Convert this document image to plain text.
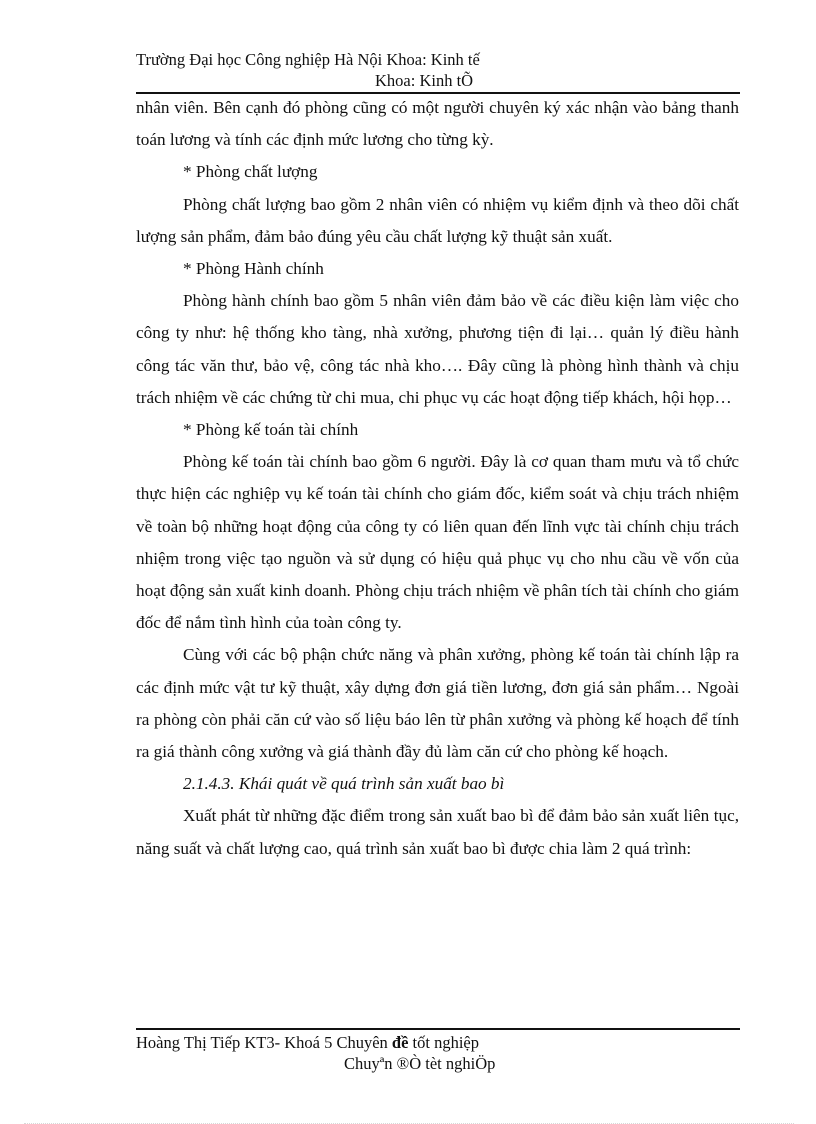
Trường Đại học Công nghiệp Hà Nội Khoa: Kinh tế
Khoa: Kinh tÕ

nhân viên. Bên cạnh đó phòng cũng có một người chuyên ký xác nhận vào bảng thanh toán lương và tính các định mức lương cho từng kỳ.

* Phòng chất lượng

Phòng chất lượng bao gồm 2 nhân viên có nhiệm vụ kiểm định và theo dõi chất lượng sản phẩm, đảm bảo đúng yêu cầu chất lượng kỹ thuật sản xuất.

* Phòng Hành chính

Phòng hành chính bao gồm 5 nhân viên đảm bảo về các điều kiện làm việc cho công ty như: hệ thống kho tàng, nhà xưởng, phương tiện đi lại… quản lý điều hành công tác văn thư, bảo vệ, công tác nhà kho…. Đây cũng là phòng hình thành và chịu trách nhiệm về các chứng từ chi mua, chi phục vụ các hoạt động tiếp khách, hội họp…

* Phòng kế toán tài chính

Phòng kế toán tài chính bao gồm 6 người. Đây là cơ quan tham mưu và tổ chức thực hiện các nghiệp vụ kế toán tài chính cho giám đốc, kiểm soát và chịu trách nhiệm về toàn bộ những hoạt động của công ty có liên quan đến lĩnh vực tài chính chịu trách nhiệm trong việc tạo nguồn và sử dụng có hiệu quả phục vụ cho nhu cầu về vốn của hoạt động sản xuất kinh doanh. Phòng chịu trách nhiệm về phân tích tài chính cho giám đốc để nắm tình hình của toàn công ty.

Cùng với các bộ phận chức năng và phân xưởng, phòng kế toán tài chính lập ra các định mức vật tư kỹ thuật, xây dựng đơn giá tiền lương, đơn giá sản phẩm… Ngoài ra phòng còn phải căn cứ vào số liệu báo lên từ phân xưởng và phòng kế hoạch để tính ra giá thành công xưởng và giá thành đầy đủ làm căn cứ cho phòng kế hoạch.

2.1.4.3. Khái quát về quá trình sản xuất bao bì

Xuất phát từ những đặc điểm trong sản xuất bao bì để đảm bảo sản xuất liên tục, năng suất và chất lượng cao, quá trình sản xuất bao bì được chia làm 2 quá trình:

Hoàng Thị Tiếp KT3- Khoá 5 Chuyên đề tốt nghiệp
Chuyªn ®Ò tèt nghiÖp
